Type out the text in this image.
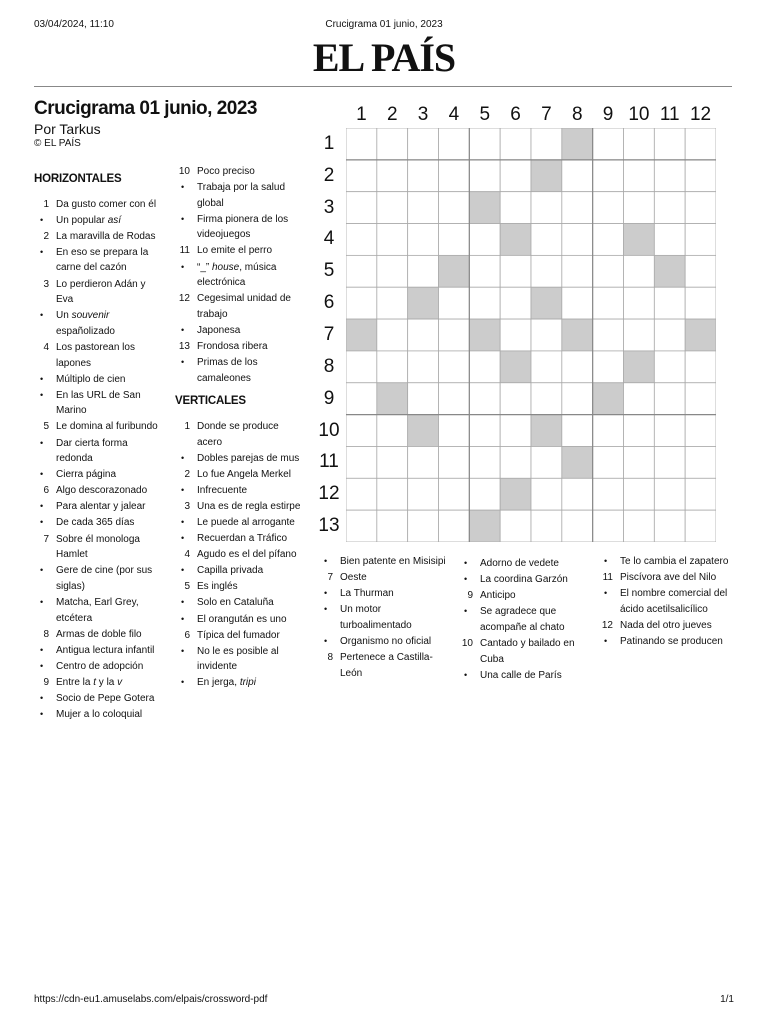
03/04/2024, 11:10	Crucigrama 01 junio, 2023
EL PAÍS
Crucigrama 01 junio, 2023
Por Tarkus
© EL PAÍS
HORIZONTALES
1 Da gusto comer con él
• Un popular así
2 La maravilla de Rodas
• En eso se prepara la carne del cazón
3 Lo perdieron Adán y Eva
• Un souvenir españolizado
4 Los pastorean los lapones
• Múltiplo de cien
• En las URL de San Marino
5 Le domina al furibundo
• Dar cierta forma redonda
• Cierra página
6 Algo descorazonado
• Para alentar y jalear
• De cada 365 días
7 Sobre él monologa Hamlet
• Gere de cine (por sus siglas)
• Matcha, Earl Grey, etcétera
8 Armas de doble filo
• Antigua lectura infantil
• Centro de adopción
9 Entre la t y la v
• Socio de Pepe Gotera
• Mujer a lo coloquial
10 Poco preciso
• Trabaja por la salud global
• Firma pionera de los videojuegos
11 Lo emite el perro
• “_” house, música electrónica
12 Cegesimal unidad de trabajo
• Japonesa
13 Frondosa ribera
• Primas de los camaleones
VERTICALES
1 Donde se produce acero
• Dobles parejas de mus
2 Lo fue Angela Merkel
• Infrecuente
3 Una es de regla estirpe
• Le puede al arrogante
• Recuerdan a Tráfico
4 Agudo es el del pífano
• Capilla privada
5 Es inglés
• Solo en Cataluña
• El orangután es uno
6 Típica del fumador
• No le es posible al invidente
• En jerga, tripi
• Bien patente en Misisipi
7 Oeste
• La Thurman
• Un motor turboalimentado
• Organismo no oficial
8 Pertenece a Castilla-León
• Adorno de vedete
• La coordina Garzón
9 Anticipo
• Se agradece que acompañe al chato
10 Cantado y bailado en Cuba
• Una calle de París
• Te lo cambia el zapatero
11 Piscívora ave del Nilo
• El nombre comercial del ácido acetilsalicílico
12 Nada del otro jueves
• Patinando se producen
1	2	3	4	5	6	7	8	9 10 11 12
1
2
3
4
5
6
7
8
9
10
11
12
13
https://cdn-eu1.amuselabs.com/elpais/crossword-pdf	1/1
